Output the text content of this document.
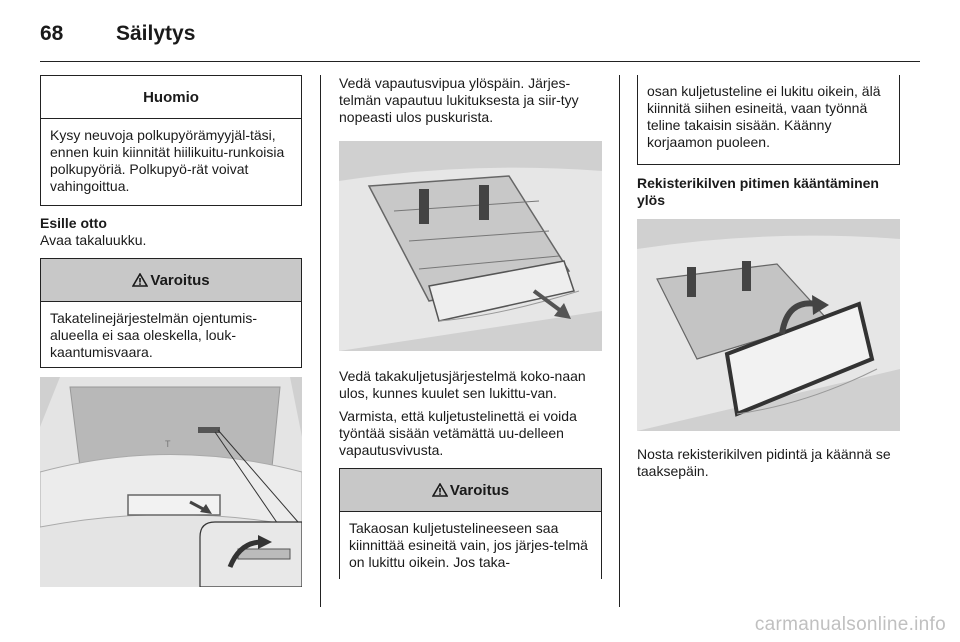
68	Säilytys
Huomio
Kysy neuvoja polkupyörämyyjäl-täsi, ennen kuin kiinnität hiilikuitu-runkoisia polkupyöriä. Polkupyö-rät voivat vahingoittua.

Esille otto

Avaa takaluukku.

Varoitus
Takatelinejärjestelmän ojentumis-alueella ei saa oleskella, louk-kaantumisvaara.
T

Vedä vapautusvipua ylöspäin. Järjes-telmän vapautuu lukituksesta ja siir-tyy nopeasti ulos puskurista.

Vedä takakuljetusjärjestelmä koko-naan ulos, kunnes kuulet sen lukittu-van.

Varmista, että kuljetustelinettä ei voida työntää sisään vetämättä uu-delleen vapautusvivusta.

Varoitus
Takaosan kuljetustelineeseen saa kiinnittää esineitä vain, jos järjes-telmä on lukittu oikein. Jos taka-
osan kuljetusteline ei lukitu oikein, älä kiinnitä siihen esineitä, vaan työnnä teline takaisin sisään. Käänny korjaamon puoleen.

Rekisterikilven pitimen kääntäminen ylös

Nosta rekisterikilven pidintä ja käännä se taaksepäin.

carmanualsonline.info
